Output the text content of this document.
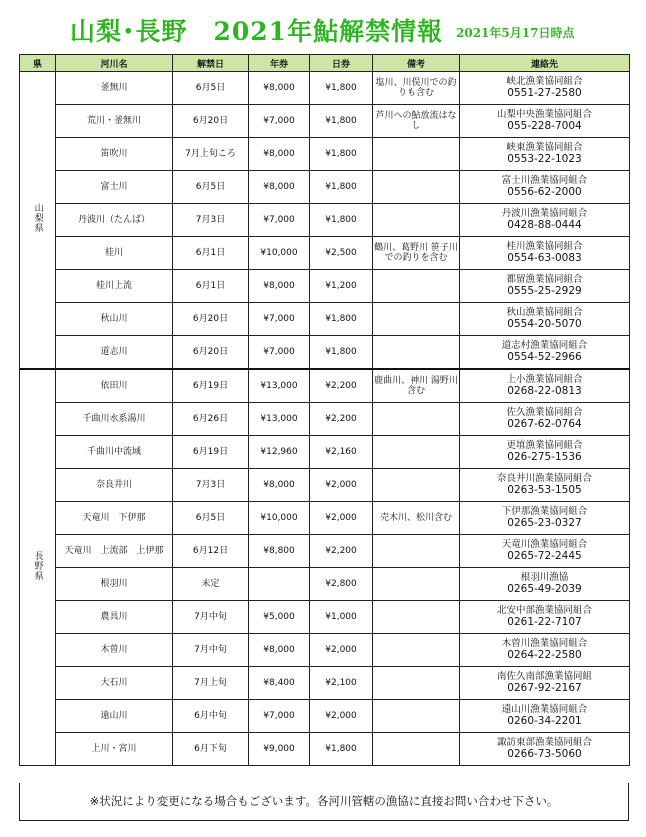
山梨･長野　2021年鮎解禁情報 2021年5月17日時点
県	河川名	解禁日	年券	日券	備考	連絡先
山梨県	釜無川	6月5日	¥8,000	¥1,800	塩川、川俣川での釣りも含む	峡北漁業協同組合
0551-27-2580

	荒川・釜無川	6月20日	¥7,000	¥1,800	芦川への鮎放流はなし	山梨中央漁業協同組合
055-228-7004

	笛吹川	7月上旬ころ	¥8,000	¥1,800		峡東漁業協同組合
0553-22-1023

	富士川	6月5日	¥8,000	¥1,800		富士川漁業協同組合
0556-62-2000

	丹波川（たんば）	7月3日	¥7,000	¥1,800		丹波川漁業協同組合
0428-88-0444

	桂川	6月1日	¥10,000	¥2,500	鶴川、葛野川 笹子川での釣りを含む	桂川漁業協同組合
0554-63-0083

	桂川上流	6月1日	¥8,000	¥1,200		都留漁業協同組合
0555-25-2929

	秋山川	6月20日	¥7,000	¥1,800		秋山漁業協同組合
0554-20-5070

	道志川	6月20日	¥7,000	¥1,800		道志村漁業協同組合
0554-52-2966

長野県	依田川	6月19日	¥13,000	¥2,200	鹿曲川、神川 湯野川含む	上小漁業協同組合
0268-22-0813

	千曲川水系湯川	6月26日	¥13,000	¥2,200		佐久漁業協同組合
0267-62-0764

	千曲川中流域	6月19日	¥12,960	¥2,160		更埴漁業協同組合
026-275-1536

	奈良井川	7月3日	¥8,000	¥2,000		奈良井川漁業協同組合
0263-53-1505

	天竜川　下伊那	6月5日	¥10,000	¥2,000	売木川、松川含む	下伊那漁業協同組合
0265-23-0327

	天竜川　上流部　上伊那	6月12日	¥8,800	¥2,200		天竜川漁業協同組合
0265-72-2445

	根羽川	未定		¥2,800		根羽川漁協
0265-49-2039

	農具川	7月中旬	¥5,000	¥1,000		北安中部漁業協同組合
0261-22-7107

	木曽川	7月中旬	¥8,000	¥2,000		木曽川漁業協同組合
0264-22-2580

	大石川	7月上旬	¥8,400	¥2,100		南佐久南部漁業協同組
0267-92-2167

	遠山川	6月中旬	¥7,000	¥2,000		遠山川漁業協同組合
0260-34-2201

	上川・宮川	6月下旬	¥9,000	¥1,800		諏訪東部漁業協同組合
0266-73-5060
※状況により変更になる場合もございます。各河川管轄の漁協に直接お問い合わせ下さい。
